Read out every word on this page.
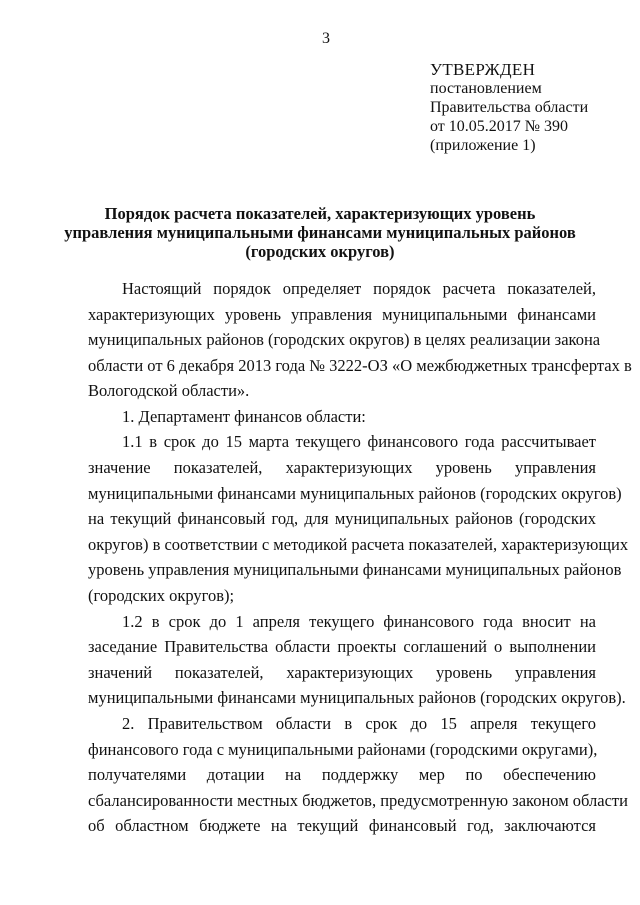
3
УТВЕРЖДЕН
постановлением
Правительства области
от 10.05.2017 № 390
(приложение 1)
Порядок расчета показателей, характеризующих уровень
управления муниципальными финансами муниципальных районов
(городских округов)
Настоящий порядок определяет порядок расчета показателей,
характеризующих уровень управления муниципальными финансами
муниципальных районов (городских округов) в целях реализации закона
области от 6 декабря 2013 года № 3222-ОЗ «О межбюджетных трансфертах в
Вологодской области».
1. Департамент финансов области:
1.1 в срок до 15 марта текущего финансового года рассчитывает
значение показателей, характеризующих уровень управления
муниципальными финансами муниципальных районов (городских округов)
на текущий финансовый год, для муниципальных районов (городских
округов) в соответствии с методикой расчета показателей, характеризующих
уровень управления муниципальными финансами муниципальных районов
(городских округов);
1.2 в срок до 1 апреля текущего финансового года вносит на
заседание Правительства области проекты соглашений о выполнении
значений показателей, характеризующих уровень управления
муниципальными финансами муниципальных районов (городских округов).
2. Правительством области в срок до 15 апреля текущего
финансового года с муниципальными районами (городскими округами),
получателями дотации на поддержку мер по обеспечению
сбалансированности местных бюджетов, предусмотренную законом области
об областном бюджете на текущий финансовый год, заключаются
